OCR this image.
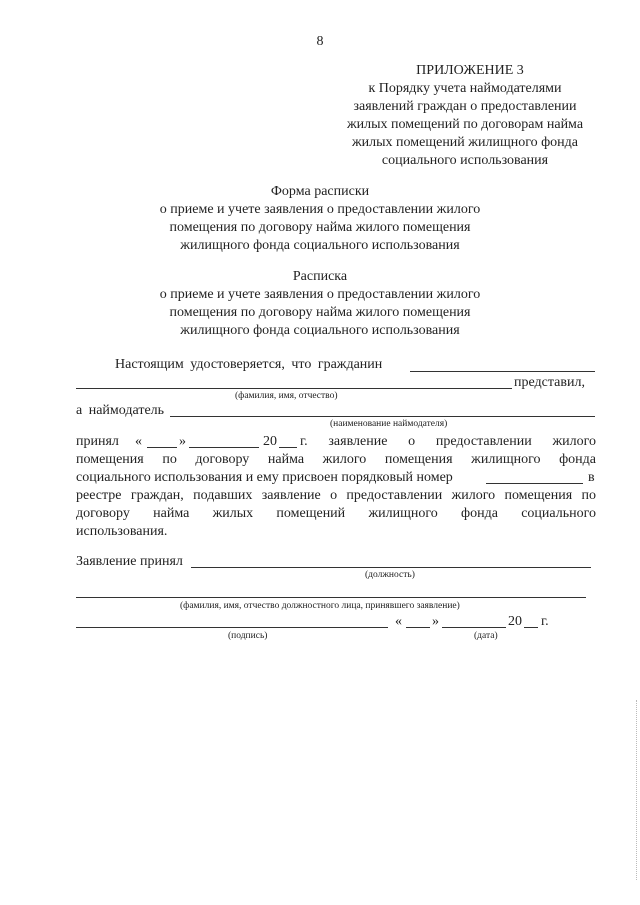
8
ПРИЛОЖЕНИЕ 3
к Порядку учета наймодателями
заявлений граждан о предоставлении
жилых помещений по договорам найма
жилых помещений жилищного фонда
социального использования
Форма расписки
о приеме и учете заявления о предоставлении жилого
помещения по договору найма жилого помещения
жилищного фонда социального использования
Расписка
о приеме и учете заявления о предоставлении жилого
помещения по договору найма жилого помещения
жилищного фонда социального использования
Настоящим удостоверяется, что гражданин
представил,
(фамилия, имя, отчество)
а наймодатель
(наименование наймодателя)
принял «	»	20 г. заявление о предоставлении жилого
помещения по договору найма жилого помещения жилищного фонда
социального использования и ему присвоен порядковый номер	в
реестре граждан, подавших заявление о предоставлении жилого помещения по
договору найма жилых помещений жилищного фонда социального
использования.
Заявление принял
(должность)
(фамилия, имя, отчество должностного лица, принявшего заявление)
« »	20 г.
(подпись)	(дата)
